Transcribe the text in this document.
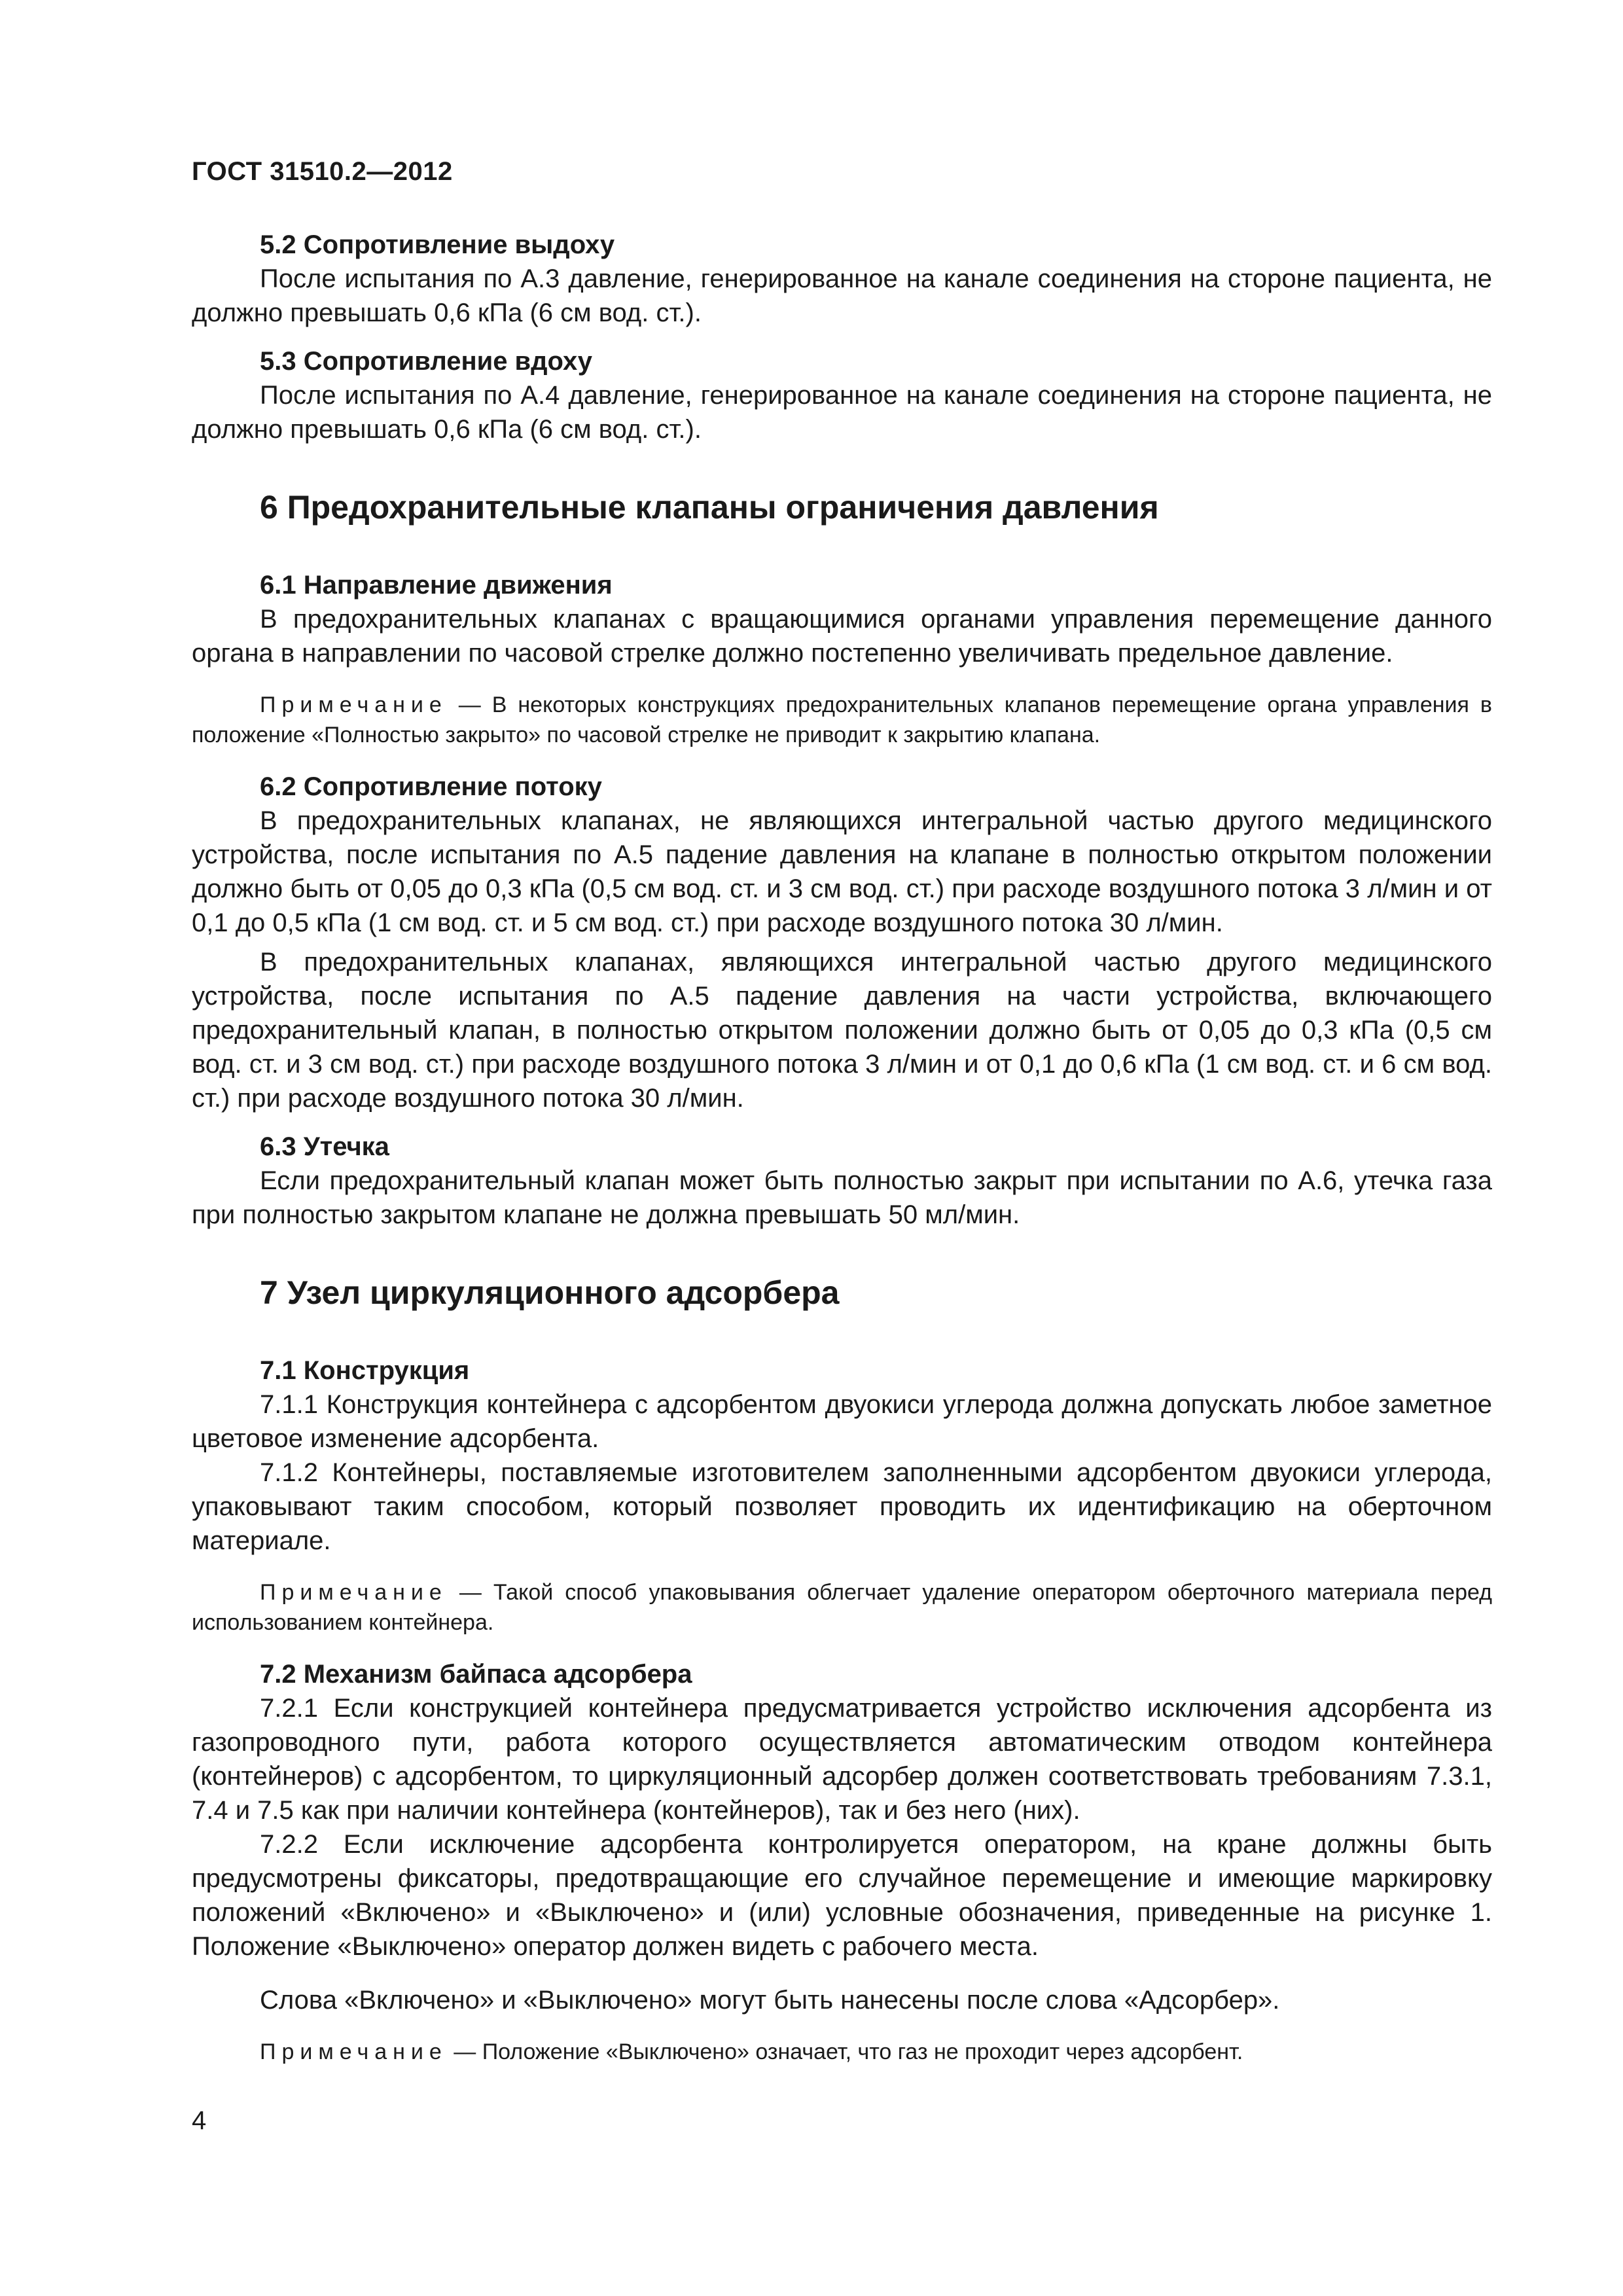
ГОСТ 31510.2—2012
5.2 Сопротивление выдоху

После испытания по А.3 давление, генерированное на канале соединения на стороне пациента, не должно превышать 0,6 кПа (6 см вод. ст.).

5.3 Сопротивление вдоху

После испытания по А.4 давление, генерированное на канале соединения на стороне пациента, не должно превышать 0,6 кПа (6 см вод. ст.).

6 Предохранительные клапаны ограничения давления
6.1 Направление движения

В предохранительных клапанах с вращающимися органами управления перемещение данного органа в направлении по часовой стрелке должно постепенно увеличивать предельное давление.

Примечание — В некоторых конструкциях предохранительных клапанов перемещение органа управления в положение «Полностью закрыто» по часовой стрелке не приводит к закрытию клапана.

6.2 Сопротивление потоку

В предохранительных клапанах, не являющихся интегральной частью другого медицинского устройства, после испытания по А.5 падение давления на клапане в полностью открытом положении должно быть от 0,05 до 0,3 кПа (0,5 см вод. ст. и 3 см вод. ст.) при расходе воздушного потока 3 л/мин и от 0,1 до 0,5 кПа (1 см вод. ст. и 5 см вод. ст.) при расходе воздушного потока 30 л/мин.

В предохранительных клапанах, являющихся интегральной частью другого медицинского устройства, после испытания по А.5 падение давления на части устройства, включающего предохранительный клапан, в полностью открытом положении должно быть от 0,05 до 0,3 кПа (0,5 см вод. ст. и 3 см вод. ст.) при расходе воздушного потока 3 л/мин и от 0,1 до 0,6 кПа (1 см вод. ст. и 6 см вод. ст.) при расходе воздушного потока 30 л/мин.

6.3 Утечка

Если предохранительный клапан может быть полностью закрыт при испытании по А.6, утечка газа при полностью закрытом клапане не должна превышать 50 мл/мин.

7 Узел циркуляционного адсорбера
7.1 Конструкция

7.1.1 Конструкция контейнера с адсорбентом двуокиси углерода должна допускать любое заметное цветовое изменение адсорбента.

7.1.2 Контейнеры, поставляемые изготовителем заполненными адсорбентом двуокиси углерода, упаковывают таким способом, который позволяет проводить их идентификацию на оберточном материале.

Примечание — Такой способ упаковывания облегчает удаление оператором оберточного материала перед использованием контейнера.

7.2 Механизм байпаса адсорбера

7.2.1 Если конструкцией контейнера предусматривается устройство исключения адсорбента из газопроводного пути, работа которого осуществляется автоматическим отводом контейнера (контейнеров) с адсорбентом, то циркуляционный адсорбер должен соответствовать требованиям 7.3.1, 7.4 и 7.5 как при наличии контейнера (контейнеров), так и без него (них).

7.2.2 Если исключение адсорбента контролируется оператором, на кране должны быть предусмотрены фиксаторы, предотвращающие его случайное перемещение и имеющие маркировку положений «Включено» и «Выключено» и (или) условные обозначения, приведенные на рисунке 1. Положение «Выключено» оператор должен видеть с рабочего места.

Слова «Включено» и «Выключено» могут быть нанесены после слова «Адсорбер».

Примечание — Положение «Выключено» означает, что газ не проходит через адсорбент.

4
